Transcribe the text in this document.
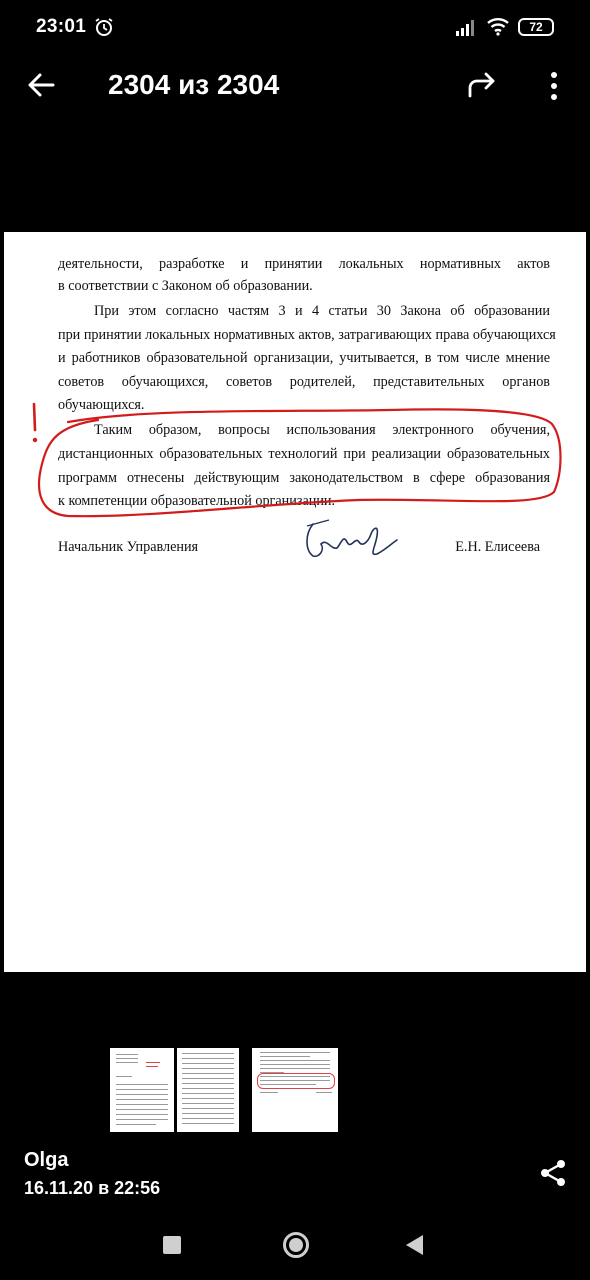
23:01	72
2304 из 2304
деятельности, разработке и принятии локальных нормативных актов
в соответствии с Законом об образовании.
При этом согласно частям 3 и 4 статьи 30 Закона об образовании
при принятии локальных нормативных актов, затрагивающих права обучающихся
и работников образовательной организации, учитывается, в том числе мнение
советов обучающихся, советов родителей, представительных органов
обучающихся.
Таким образом, вопросы использования электронного обучения,
дистанционных образовательных технологий при реализации образовательных
программ отнесены действующим законодательством в сфере образования
к компетенции образовательной организации.
Начальник Управления	Е.Н. Елисеева
Olga
16.11.20 в 22:56
